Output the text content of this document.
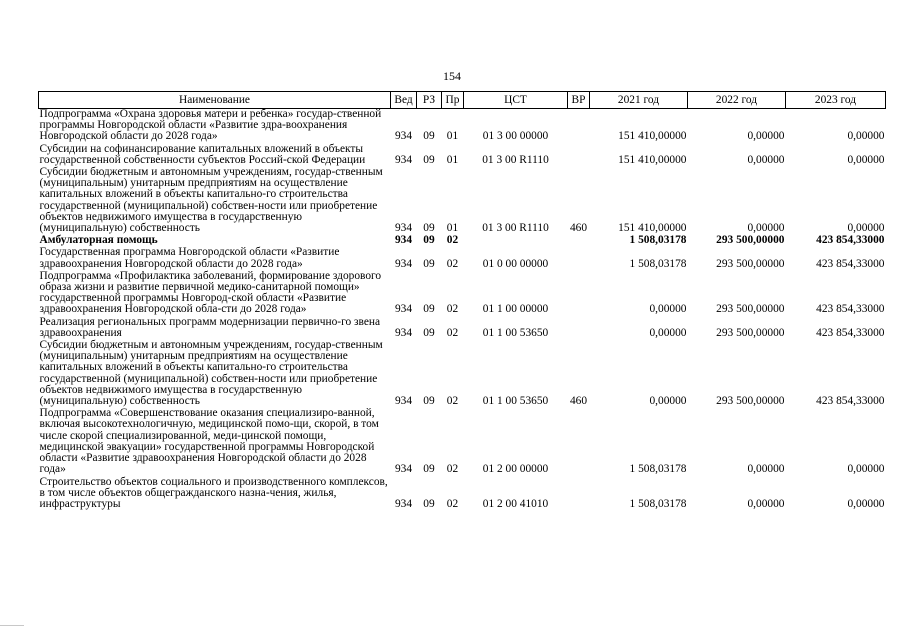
154
Наименование	Вед	РЗ	Пр	ЦСТ	ВР	2021 год	2022 год	2023 год
Подпрограмма «Охрана здоровья матери и ребенка» государ-ственной программы Новгородской области «Развитие здра-воохранения Новгородской области до 2028 года»	934	09	01	01 3 00 00000		151 410,00000	0,00000	0,00000
Субсидии на софинансирование капитальных вложений в объекты государственной собственности субъектов Россий-ской Федерации	934	09	01	01 3 00 R1110		151 410,00000	0,00000	0,00000
Субсидии бюджетным и автономным учреждениям, государ-ственным (муниципальным) унитарным предприятиям на осуществление капитальных вложений в объекты капитально-го строительства государственной (муниципальной) собствен-ности или приобретение объектов недвижимого имущества в государственную (муниципальную) собственность	934	09	01	01 3 00 R1110	460	151 410,00000	0,00000	0,00000
Амбулаторная помощь	934	09	02			1 508,03178	293 500,00000	423 854,33000
Государственная программа Новгородской области «Развитие здравоохранения Новгородской области до 2028 года»	934	09	02	01 0 00 00000		1 508,03178	293 500,00000	423 854,33000
Подпрограмма «Профилактика заболеваний, формирование здорового образа жизни и развитие первичной медико-санитарной помощи» государственной программы Новгород-ской области «Развитие здравоохранения Новгородской обла-сти до 2028 года»	934	09	02	01 1 00 00000		0,00000	293 500,00000	423 854,33000
Реализация региональных программ модернизации первично-го звена здравоохранения	934	09	02	01 1 00 53650		0,00000	293 500,00000	423 854,33000
Субсидии бюджетным и автономным учреждениям, государ-ственным (муниципальным) унитарным предприятиям на осуществление капитальных вложений в объекты капитально-го строительства государственной (муниципальной) собствен-ности или приобретение объектов недвижимого имущества в государственную (муниципальную) собственность	934	09	02	01 1 00 53650	460	0,00000	293 500,00000	423 854,33000
Подпрограмма «Совершенствование оказания специализиро-ванной, включая высокотехнологичную, медицинской помо-щи, скорой, в том числе скорой специализированной, меди-цинской помощи, медицинской эвакуации» государственной программы Новгородской области «Развитие здравоохранения Новгородской области до 2028 года»	934	09	02	01 2 00 00000		1 508,03178	0,00000	0,00000
Строительство объектов социального и производственного комплексов, в том числе объектов общегражданского назна-чения, жилья, инфраструктуры	934	09	02	01 2 00 41010		1 508,03178	0,00000	0,00000
